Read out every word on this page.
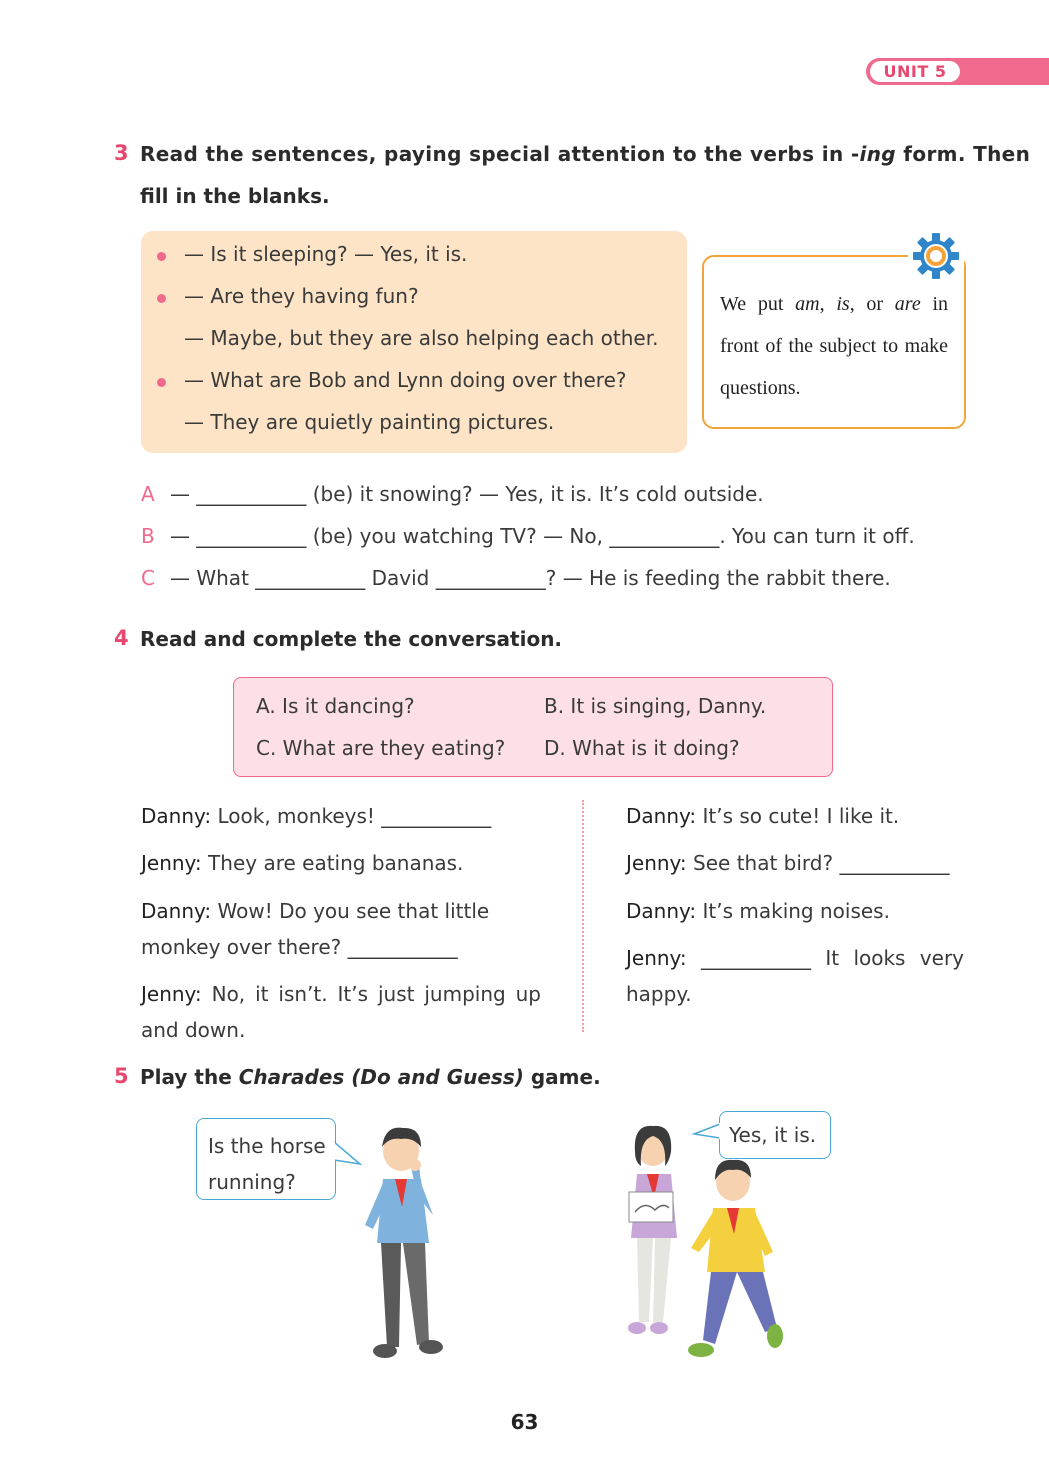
UNIT 5
3 Read the sentences, paying special attention to the verbs in -ing form. Then
fill in the blanks.
— Is it sleeping? — Yes, it is.
— Are they having fun?
— Maybe, but they are also helping each other.
— What are Bob and Lynn doing over there?
— They are quietly painting pictures.
We put am, is, or are in front of the subject to make questions.
A — ___________ (be) it snowing? — Yes, it is. It’s cold outside.
B — ___________ (be) you watching TV? — No, ___________. You can turn it off.
C — What ___________ David ___________? — He is feeding the rabbit there.
4 Read and complete the conversation.
A. Is it dancing?	B. It is singing, Danny.
C. What are they eating? D. What is it doing?
Danny: Look, monkeys! ___________
Jenny: They are eating bananas.
Danny: Wow! Do you see that little
monkey over there? ___________
Jenny: No, it isn’t. It’s just jumping up
and down.
Danny: It’s so cute! I like it.
Jenny: See that bird? ___________
Danny: It’s making noises.
Jenny: ___________ It looks very
happy.
5 Play the Charades (Do and Guess) game.
Is the horse
running?
Yes, it is.
63
